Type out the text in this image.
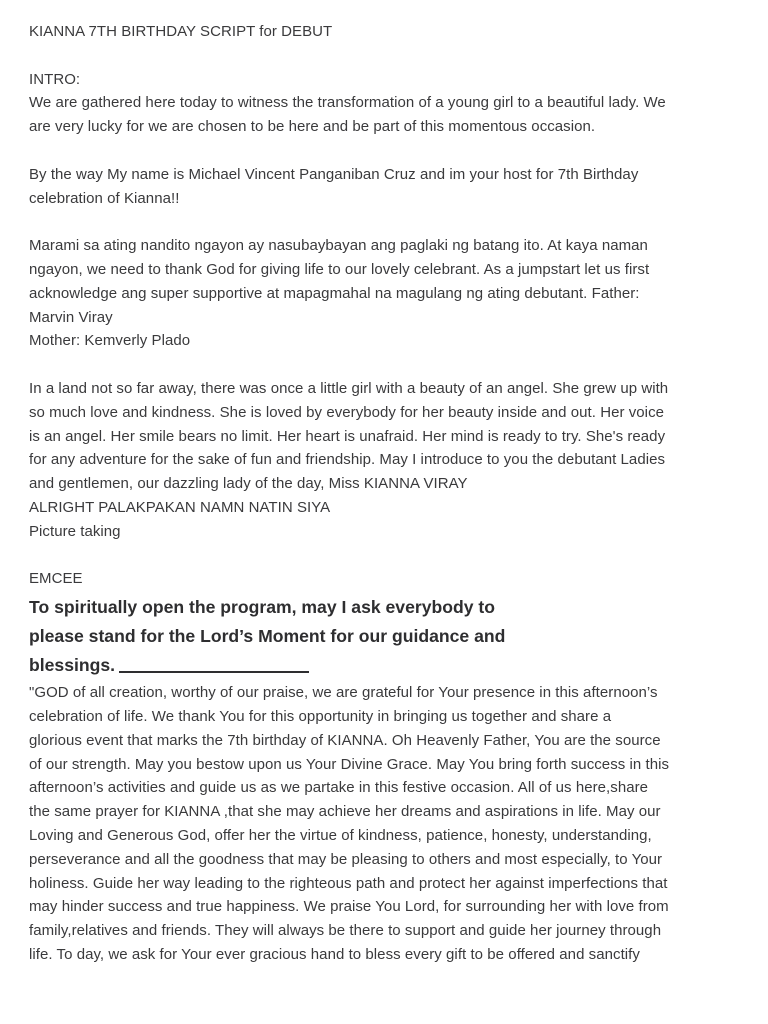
KIANNA 7TH BIRTHDAY SCRIPT for DEBUT
INTRO:
We are gathered here today to witness the transformation of a young girl to a beautiful lady. We
are very lucky for we are chosen to be here and be part of this momentous occasion.
By the way My name is Michael Vincent Panganiban Cruz and im your host for 7th Birthday
celebration of Kianna!!
Marami sa ating nandito ngayon ay nasubaybayan ang paglaki ng batang ito. At kaya naman
ngayon, we need to thank God for giving life to our lovely celebrant. As a jumpstart let us first
acknowledge ang super supportive at mapagmahal na magulang ng ating debutant. Father:
Marvin Viray
Mother: Kemverly Plado
In a land not so far away, there was once a little girl with a beauty of an angel. She grew up with
so much love and kindness. She is loved by everybody for her beauty inside and out. Her voice
is an angel. Her smile bears no limit. Her heart is unafraid. Her mind is ready to try. She's ready
for any adventure for the sake of fun and friendship. May I introduce to you the debutant Ladies
and gentlemen, our dazzling lady of the day, Miss KIANNA VIRAY
ALRIGHT PALAKPAKAN NAMN NATIN SIYA
Picture taking
EMCEE
To spiritually open the program, may I ask everybody to
please stand for the Lord’s Moment for our guidance and
blessings.
"GOD of all creation, worthy of our praise, we are grateful for Your presence in this afternoon’s
celebration of life. We thank You for this opportunity in bringing us together and share a
glorious event that marks the 7th birthday of KIANNA. Oh Heavenly Father, You are the source
of our strength. May you bestow upon us Your Divine Grace. May You bring forth success in this
afternoon’s activities and guide us as we partake in this festive occasion. All of us here,share
the same prayer for KIANNA ,that she may achieve her dreams and aspirations in life. May our
Loving and Generous God, offer her the virtue of kindness, patience, honesty, understanding,
perseverance and all the goodness that may be pleasing to others and most especially, to Your
holiness. Guide her way leading to the righteous path and protect her against imperfections that
may hinder success and true happiness. We praise You Lord, for surrounding her with love from
family,relatives and friends. They will always be there to support and guide her journey through
life. To day, we ask for Your ever gracious hand to bless every gift to be offered and sanctify
